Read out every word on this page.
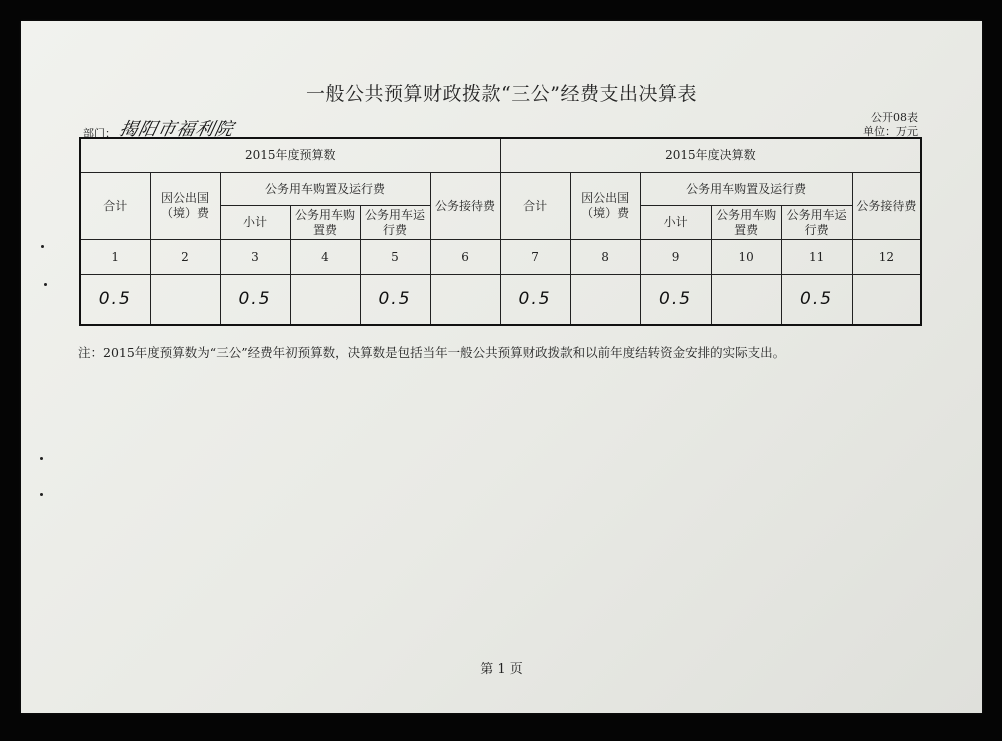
一般公共预算财政拨款“三公”经费支出决算表
公开08表
单位：万元
部门： 揭阳市福利院
2015年度预算数						2015年度决算数					
合计	因公出国（境）费	公务用车购置及运行费			公务接待费	合计	因公出国（境）费	公务用车购置及运行费			公务接待费
		小计	公务用车购置费	公务用车运行费				小计	公务用车购置费	公务用车运行费	
1	2	3	4	5	6	7	8	9	10	11	12
0.5		0.5		0.5		0.5		0.5		0.5	
注：2015年度预算数为“三公”经费年初预算数，决算数是包括当年一般公共预算财政拨款和以前年度结转资金安排的实际支出。
第 1 页
